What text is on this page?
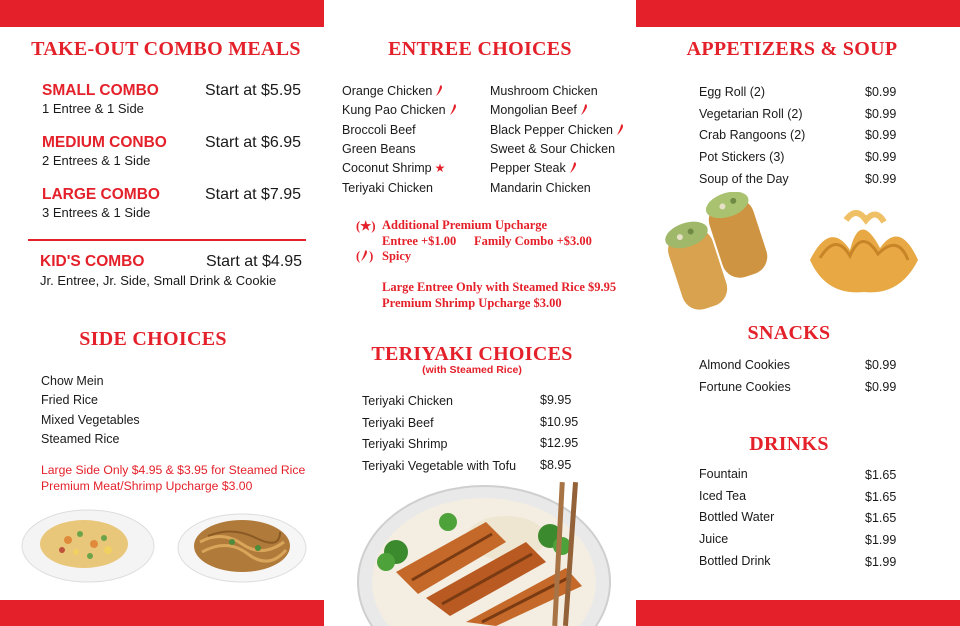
TAKE-OUT COMBO MEALS
SMALL COMBO	Start at $5.95
1 Entree & 1 Side
MEDIUM CONBO Start at $6.95
2 Entrees & 1 Side
LARGE COMBO	Start at $7.95
3 Entrees & 1 Side
KID'S COMBO	Start at $4.95
Jr. Entree, Jr. Side, Small Drink & Cookie
SIDE CHOICES
Chow Mein
Fried Rice
Mixed Vegetables
Steamed Rice
Large Side Only $4.95 & $3.95 for Steamed Rice
Premium Meat/Shrimp Upcharge $3.00
ENTREE CHOICES
Orange Chicken
Kung Pao Chicken
Broccoli Beef
Green Beans
Coconut Shrimp ★
Teriyaki Chicken
Mushroom Chicken
Mongolian Beef
Black Pepper Chicken
Sweet & Sour Chicken
Pepper Steak
Mandarin Chicken
(★) Additional Premium Upcharge
Entree +$1.00 Family Combo +$3.00
( ) Spicy
Large Entree Only with Steamed Rice $9.95
Premium Shrimp Upcharge $3.00
TERIYAKI CHOICES
(with Steamed Rice)
Teriyaki Chicken	$9.95
Teriyaki Beef	$10.95
Teriyaki Shrimp	$12.95
Teriyaki Vegetable with Tofu $8.95
APPETIZERS & SOUP
Egg Roll (2)	$0.99
Vegetarian Roll (2)	$0.99
Crab Rangoons (2)	$0.99
Pot Stickers (3)	$0.99
Soup of the Day	$0.99
SNACKS
Almond Cookies	$0.99
Fortune Cookies	$0.99
DRINKS
Fountain	$1.65
Iced Tea	$1.65
Bottled Water	$1.65
Juice	$1.99
Bottled Drink	$1.99
